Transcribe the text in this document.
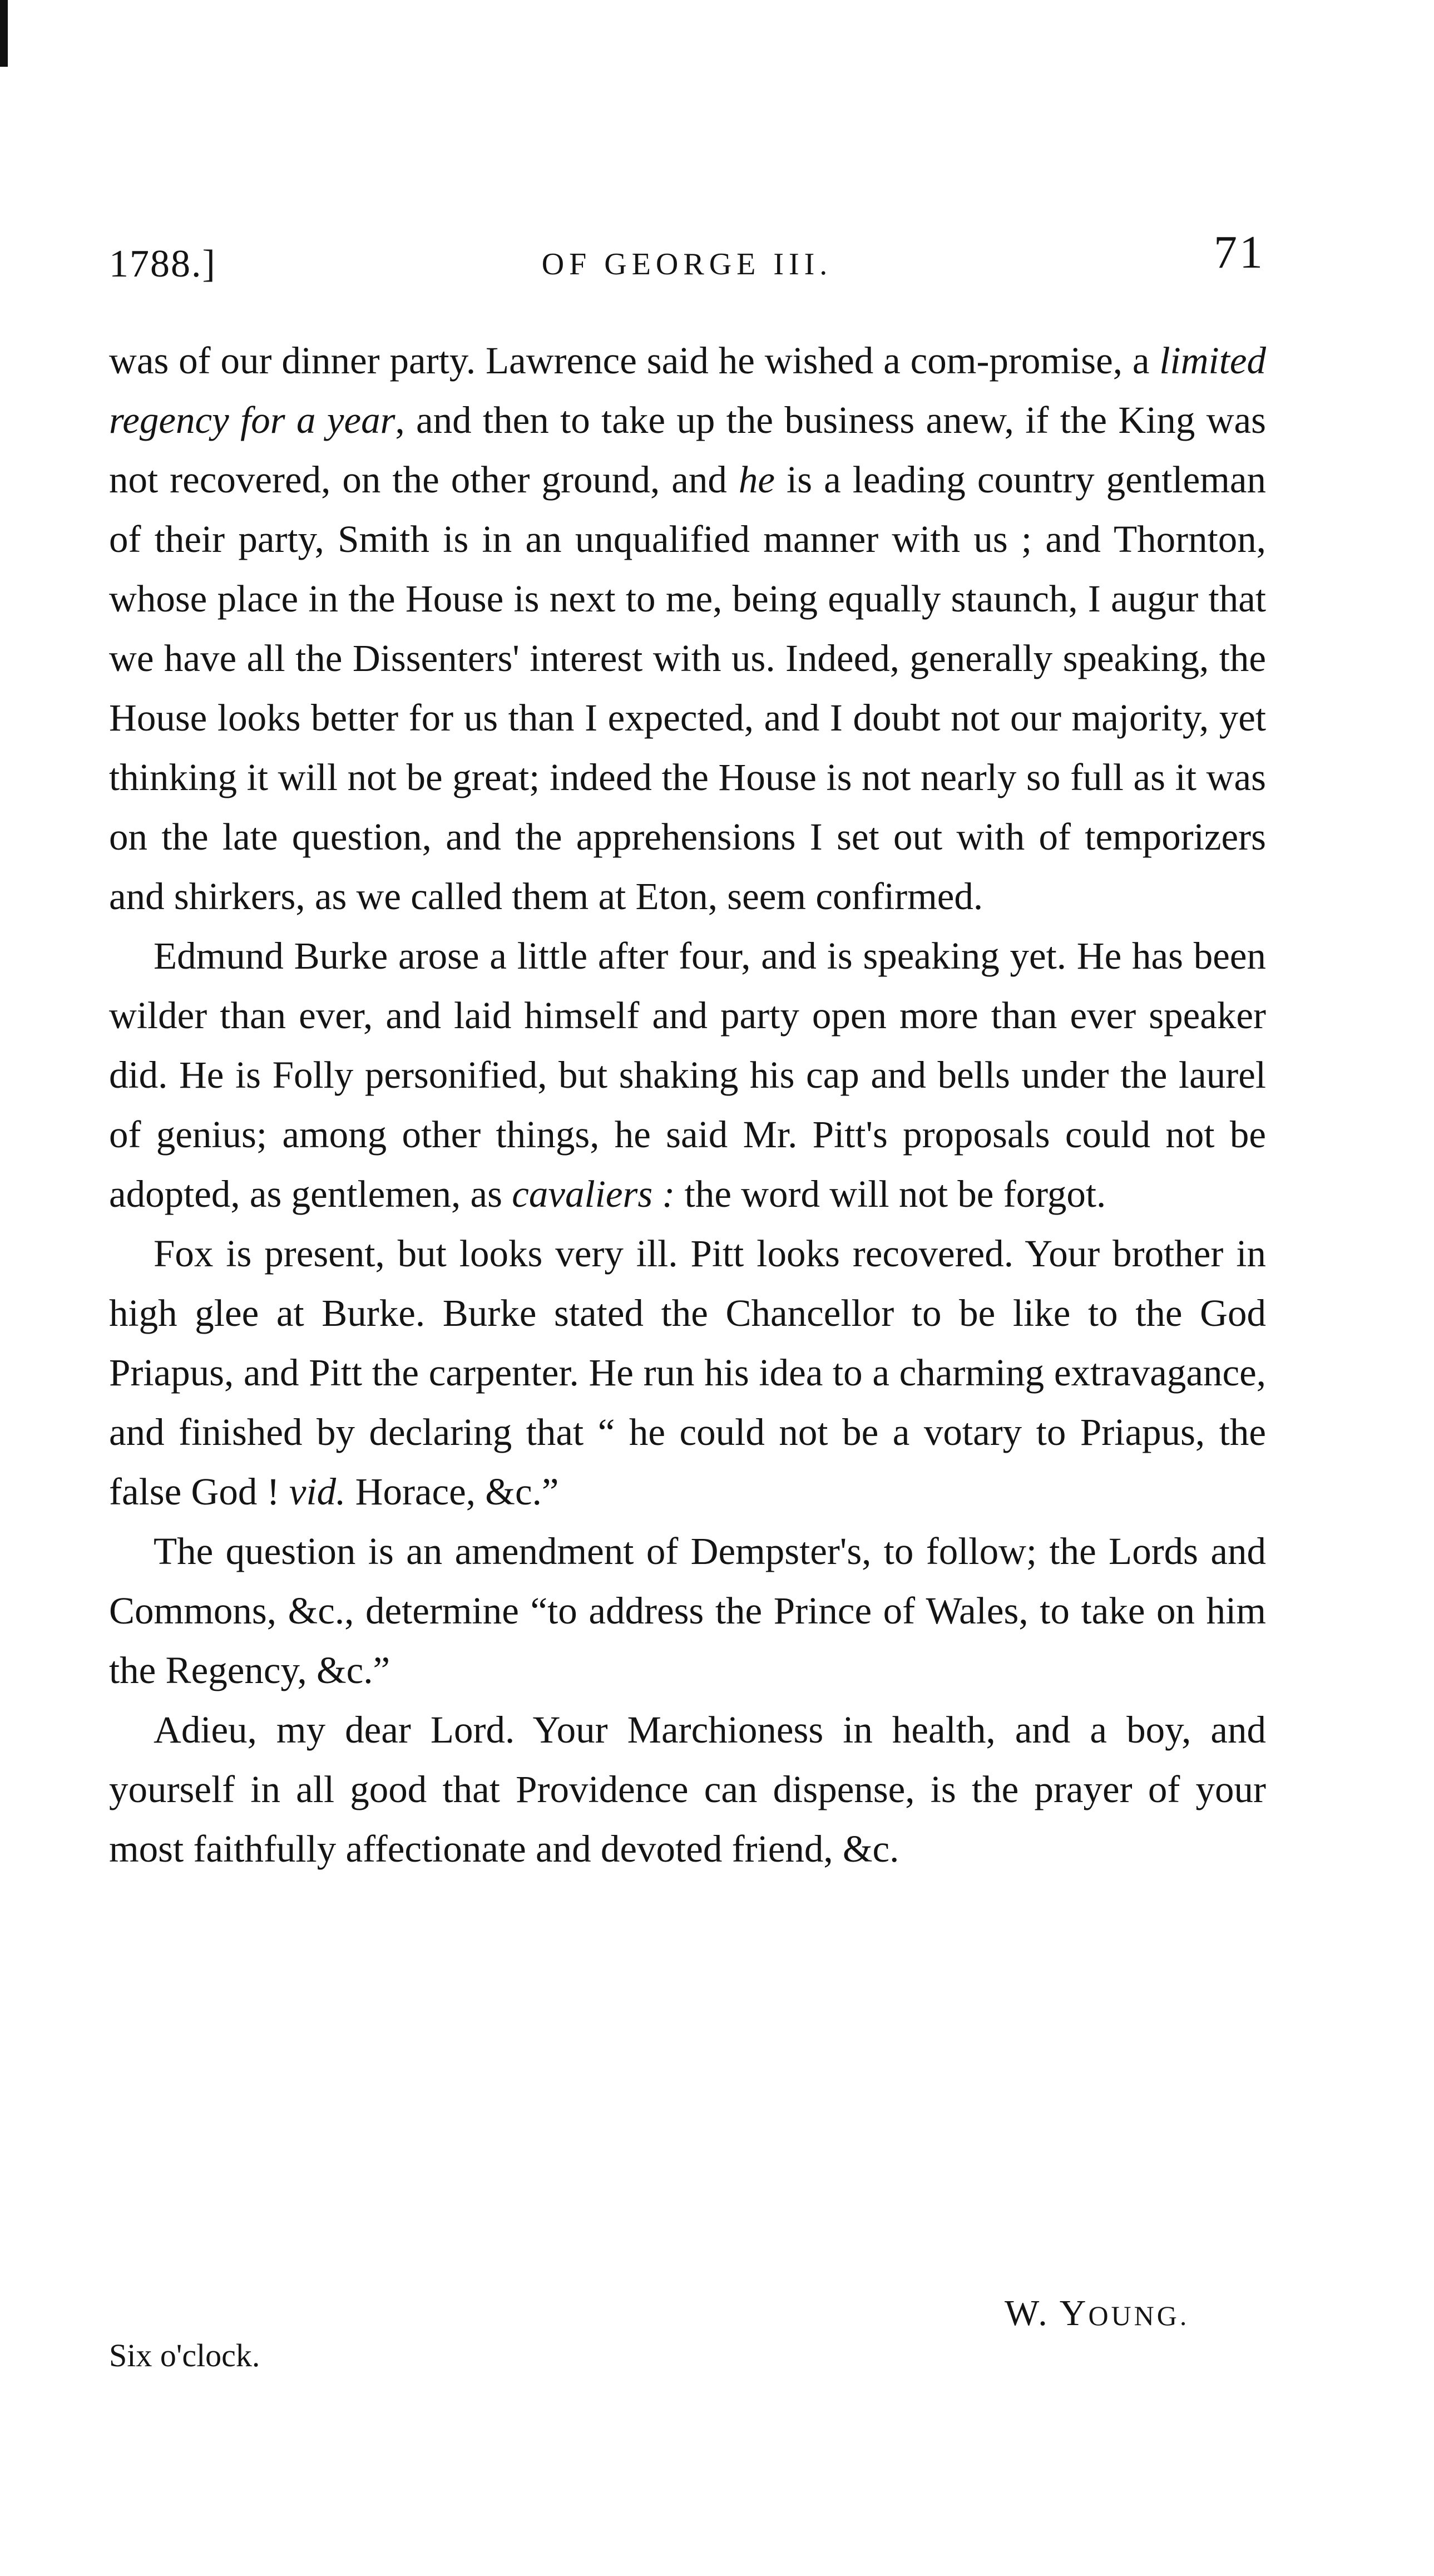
1788.]	OF GEORGE III.	71

was of our dinner party. Lawrence said he wished a com-promise, a limited regency for a year, and then to take up the business anew, if the King was not recovered, on the other ground, and he is a leading country gentleman of their party, Smith is in an unqualified manner with us ; and Thornton, whose place in the House is next to me, being equally staunch, I augur that we have all the Dissenters' interest with us. Indeed, generally speaking, the House looks better for us than I expected, and I doubt not our majority, yet thinking it will not be great; indeed the House is not nearly so full as it was on the late question, and the apprehensions I set out with of temporizers and shirkers, as we called them at Eton, seem confirmed.

Edmund Burke arose a little after four, and is speaking yet. He has been wilder than ever, and laid himself and party open more than ever speaker did. He is Folly personified, but shaking his cap and bells under the laurel of genius; among other things, he said Mr. Pitt's proposals could not be adopted, as gentlemen, as cavaliers : the word will not be forgot.

Fox is present, but looks very ill. Pitt looks recovered. Your brother in high glee at Burke. Burke stated the Chancellor to be like to the God Priapus, and Pitt the carpenter. He run his idea to a charming extravagance, and finished by declaring that “ he could not be a votary to Priapus, the false God ! vid. Horace, &c.”

The question is an amendment of Dempster's, to follow; the Lords and Commons, &c., determine “to address the Prince of Wales, to take on him the Regency, &c.”

Adieu, my dear Lord. Your Marchioness in health, and a boy, and yourself in all good that Providence can dispense, is the prayer of your most faithfully affectionate and devoted friend, &c.

W. YOUNG.
Six o'clock.
